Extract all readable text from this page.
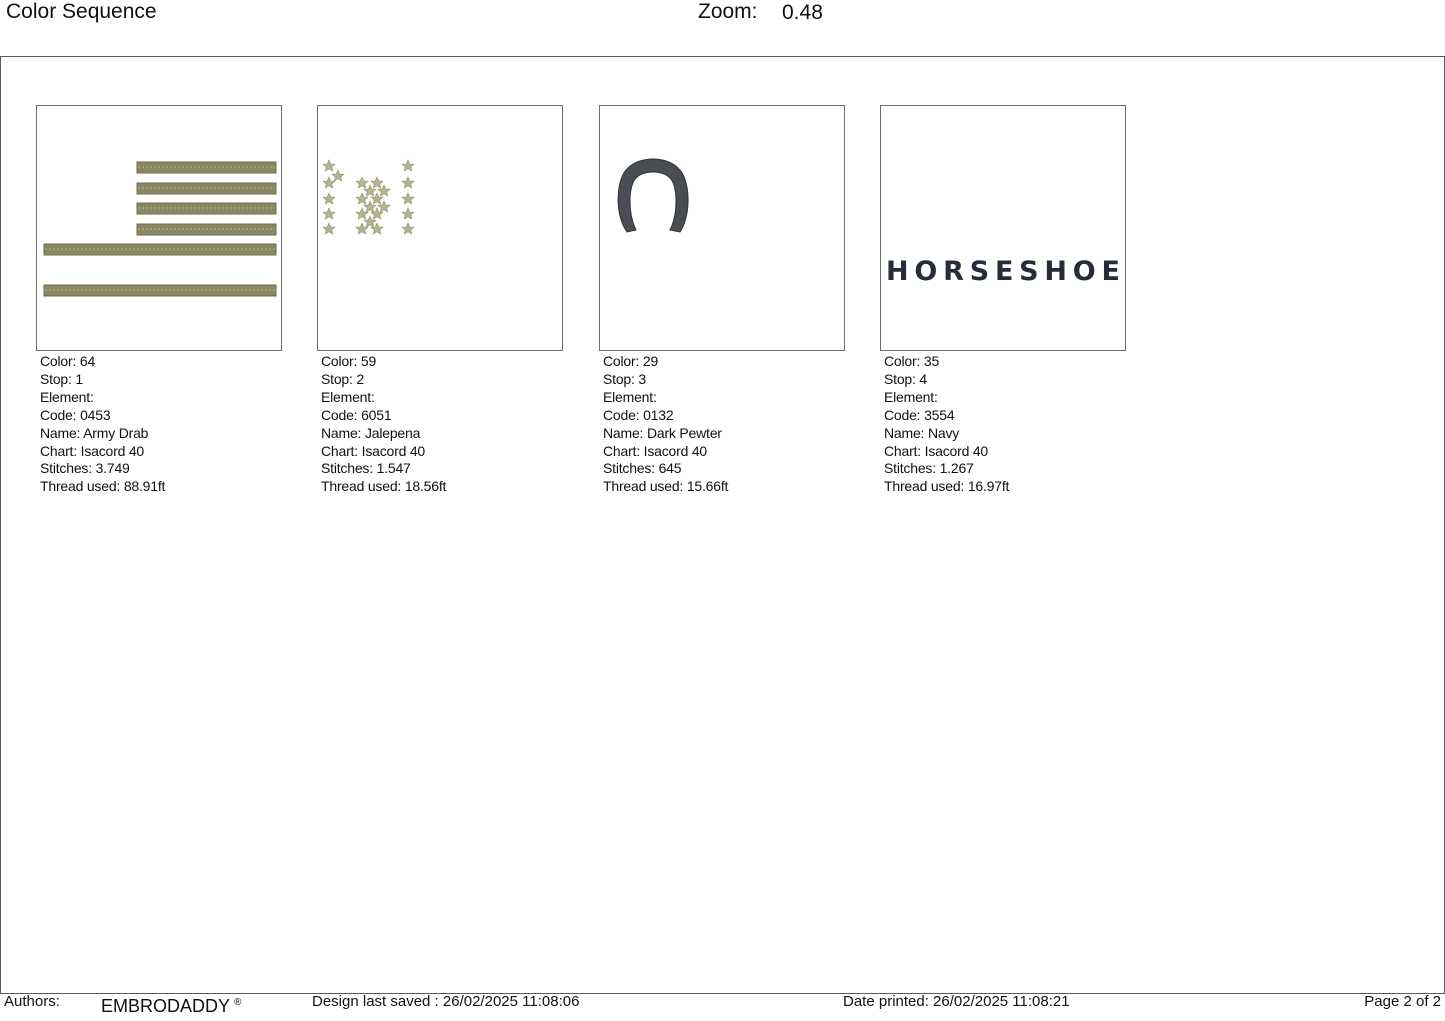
Color Sequence	Zoom: 0.48
Color: 64
Stop: 1
Element:
Code: 0453
Name: Army Drab
Chart: Isacord 40
Stitches: 3.749
Thread used: 88.91ft
Color: 59
Stop: 2
Element:
Code: 6051
Name: Jalepena
Chart: Isacord 40
Stitches: 1.547
Thread used: 18.56ft
Color: 29
Stop: 3
Element:
Code: 0132
Name: Dark Pewter
Chart: Isacord 40
Stitches: 645
Thread used: 15.66ft
HORSESHOE
Color: 35
Stop: 4
Element:
Code: 3554
Name: Navy
Chart: Isacord 40
Stitches: 1.267
Thread used: 16.97ft
Authors: EMBRODADDY ®	Design last saved : 26/02/2025 11:08:06	Date printed: 26/02/2025 11:08:21	Page 2 of 2
